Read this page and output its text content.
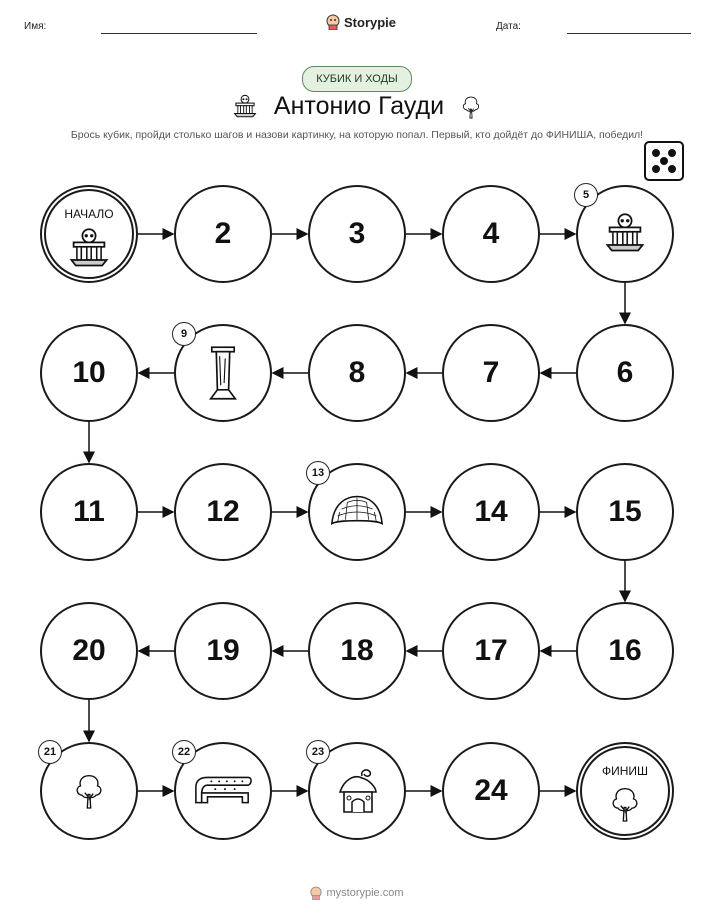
Имя:	Storypie	Дата:
КУБИК И ХОДЫ
Антонио Гауди
Брось кубик, пройди столько шагов и назови картинку, на которую попал. Первый, кто дойдёт до ФИНИША, победил!
НАЧАЛО
2	3	4
5
6
7
8
9
10
11	12
13
14	15
16
17
18
19
20
21	22	23
24
ФИНИШ
mystorypie.com
